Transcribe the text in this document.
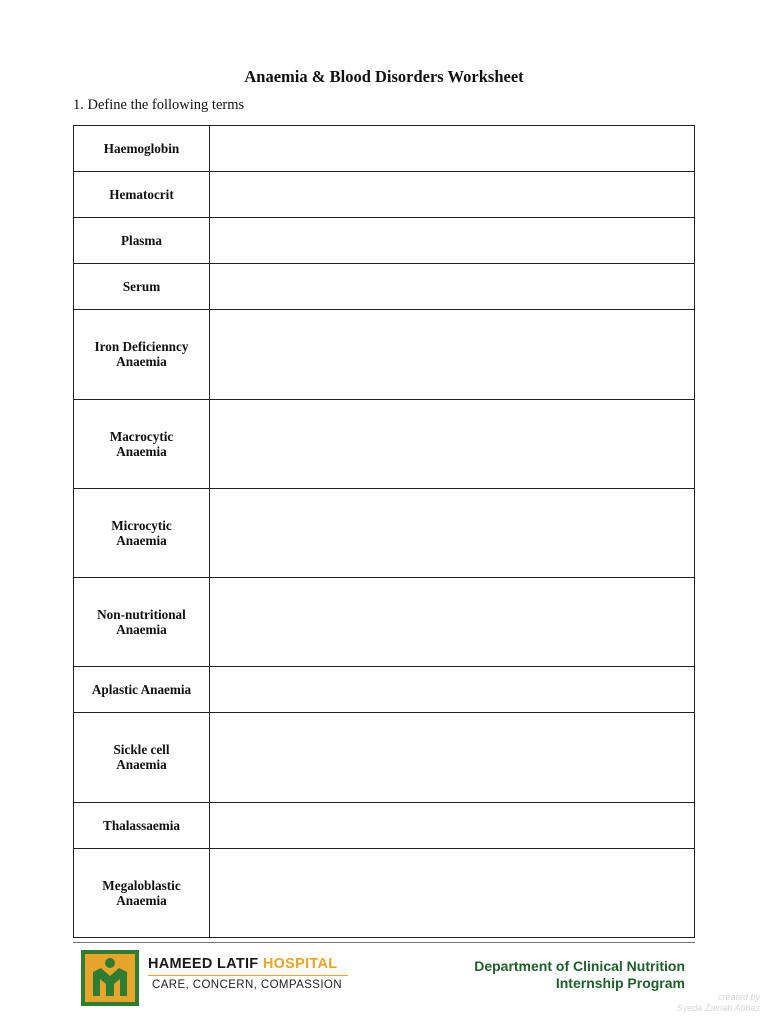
Anaemia & Blood Disorders Worksheet
1. Define the following terms
Haemoglobin	
Hematocrit	
Plasma	
Serum	
Iron Deficienncy
Anaemia	
Macrocytic
Anaemia	
Microcytic
Anaemia	
Non-nutritional
Anaemia	
Aplastic Anaemia	
Sickle cell
Anaemia	
Thalassaemia	
Megaloblastic
Anaemia	
HAMEED LATIF HOSPITAL
CARE, CONCERN, COMPASSION
Department of Clinical Nutrition
Internship Program
created by
Syeda Zainab Abbas
